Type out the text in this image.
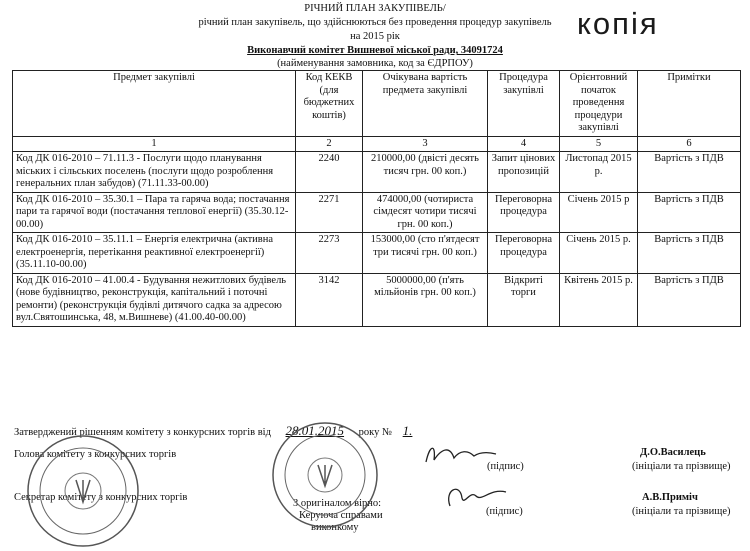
РІЧНИЙ ПЛАН ЗАКУПІВЕЛЬ/
річний план закупівель, що здійснюються без проведення процедур закупівель
на 2015 рік
Виконавчий комітет Вишневої міської ради, 34091724
(найменування замовника, код за ЄДРПОУ)
копія
Предмет закупівлі	Код КЕКВ (для бюджетних коштів)	Очікувана вартість предмета закупівлі	Процедура закупівлі	Орієнтовний початок проведення процедури закупівлі	Примітки
1	2	3	4	5	6
Код ДК 016-2010 – 71.11.3 - Послуги щодо планування міських і сільських поселень (послуги щодо розроблення генеральних план забудов) (71.11.33-00.00)	2240	210000,00 (двісті десять тисяч грн. 00 коп.)	Запит цінових пропозицій	Листопад 2015 р.	Вартість з ПДВ
Код ДК 016-2010 – 35.30.1 – Пара та гаряча вода; постачання пари та гарячої води (постачання теплової енергії) (35.30.12-00.00)	2271	474000,00 (чотириста сімдесят чотири тисячі грн. 00 коп.)	Переговорна процедура	Січень 2015 р	Вартість з ПДВ
Код ДК 016-2010 – 35.11.1 – Енергія електрична (активна електроенергія, перетікання реактивної електроенергії) (35.11.10-00.00)	2273	153000,00 (сто п'ятдесят три тисячі грн. 00 коп.)	Переговорна процедура	Січень 2015 р.	Вартість з ПДВ
Код ДК 016-2010 – 41.00.4 - Будування нежитлових будівель (нове будівництво, реконструкція, капітальний і поточні ремонти) (реконструкція будівлі дитячого садка за адресою вул.Святошинська, 48, м.Вишневе) (41.00.40-00.00)	3142	5000000,00 (п'ять мільйонів грн. 00 коп.)	Відкриті торги	Квітень 2015 р.	Вартість з ПДВ
Затверджений рішенням комітету з конкурсних торгів від 28.01.2015 року № 1.
Голова комітету з конкурсних торгів
(підпис)
Д.О.Василець
(ініціали та прізвище)
Секретар комітету з конкурсних торгів
(підпис)
А.В.Приміч
(ініціали та прізвище)
З оригіналом вірно:
Керуюча справами
виконкому
